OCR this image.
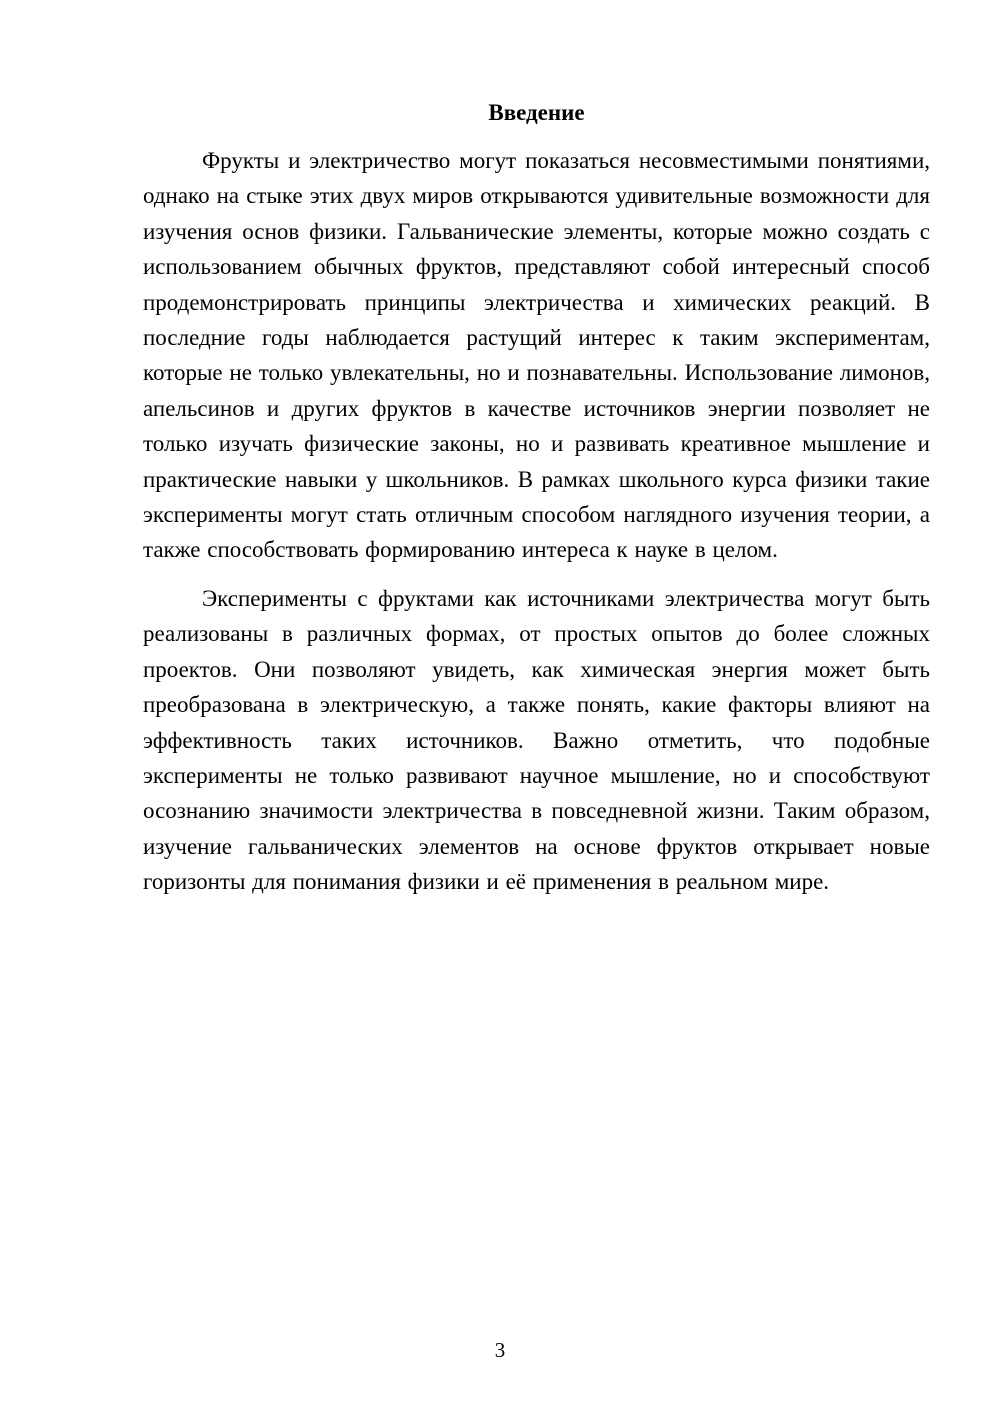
Введение

Фрукты и электричество могут показаться несовместимыми понятиями, однако на стыке этих двух миров открываются удивительные возможности для изучения основ физики. Гальванические элементы, которые можно создать с использованием обычных фруктов, представляют собой интересный способ продемонстрировать принципы электричества и химических реакций. В последние годы наблюдается растущий интерес к таким экспериментам, которые не только увлекательны, но и познавательны. Использование лимонов, апельсинов и других фруктов в качестве источников энергии позволяет не только изучать физические законы, но и развивать креативное мышление и практические навыки у школьников. В рамках школьного курса физики такие эксперименты могут стать отличным способом наглядного изучения теории, а также способствовать формированию интереса к науке в целом.

Эксперименты с фруктами как источниками электричества могут быть реализованы в различных формах, от простых опытов до более сложных проектов. Они позволяют увидеть, как химическая энергия может быть преобразована в электрическую, а также понять, какие факторы влияют на эффективность таких источников. Важно отметить, что подобные эксперименты не только развивают научное мышление, но и способствуют осознанию значимости электричества в повседневной жизни. Таким образом, изучение гальванических элементов на основе фруктов открывает новые горизонты для понимания физики и её применения в реальном мире.

3
